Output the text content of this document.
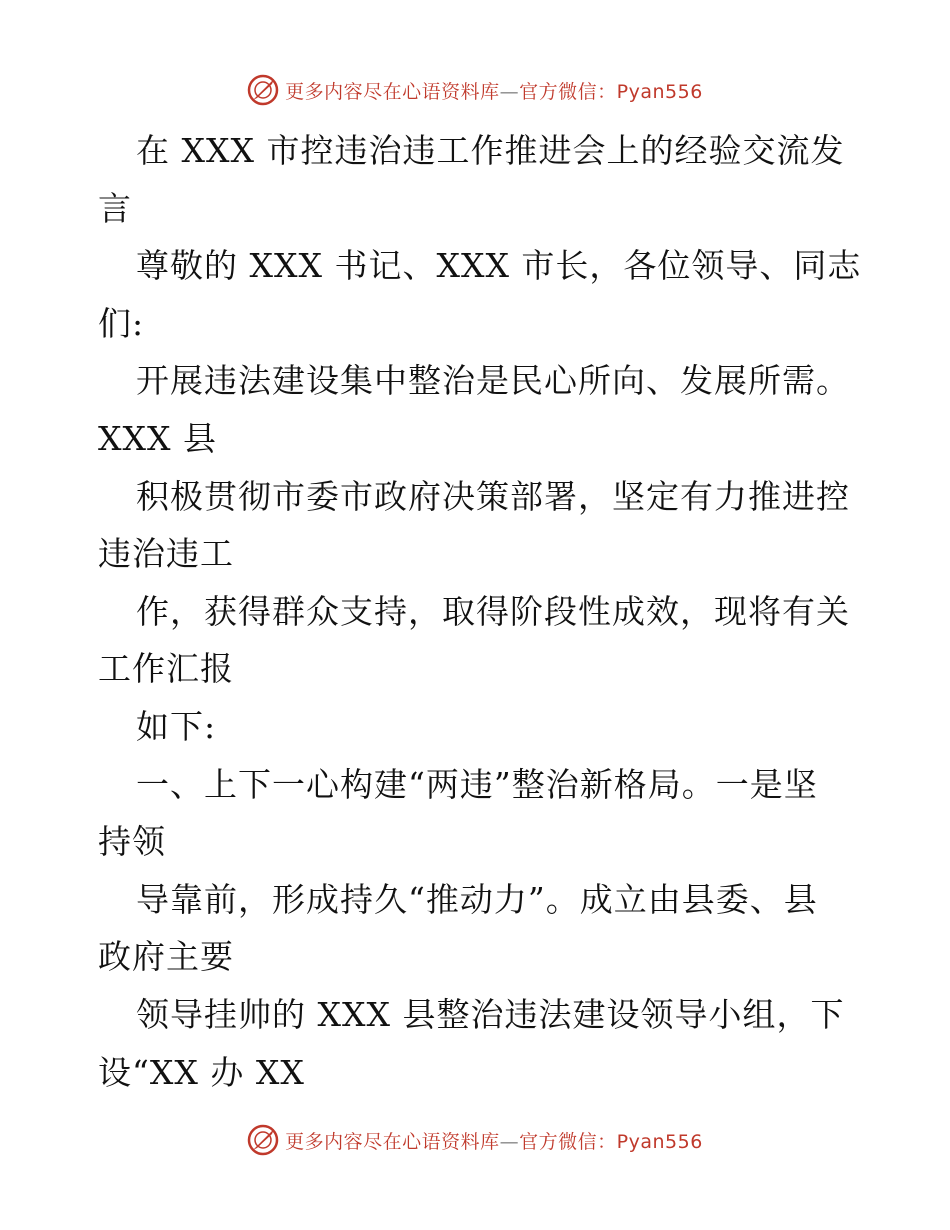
更多内容尽在心语资料库—官方微信：Pyan556
在 XXX 市控违治违工作推进会上的经验交流发
言
尊敬的 XXX 书记、XXX 市长，各位领导、同志
们:
开展违法建设集中整治是民心所向、发展所需。
XXX 县
积极贯彻市委市政府决策部署，坚定有力推进控
违治违工
作，获得群众支持，取得阶段性成效，现将有关
工作汇报
如下:
一、上下一心构建“两违”整治新格局。一是坚
持领
导靠前，形成持久“推动力”。成立由县委、县
政府主要
领导挂帅的 XXX 县整治违法建设领导小组，下
设“XX 办 XX
更多内容尽在心语资料库—官方微信：Pyan556
